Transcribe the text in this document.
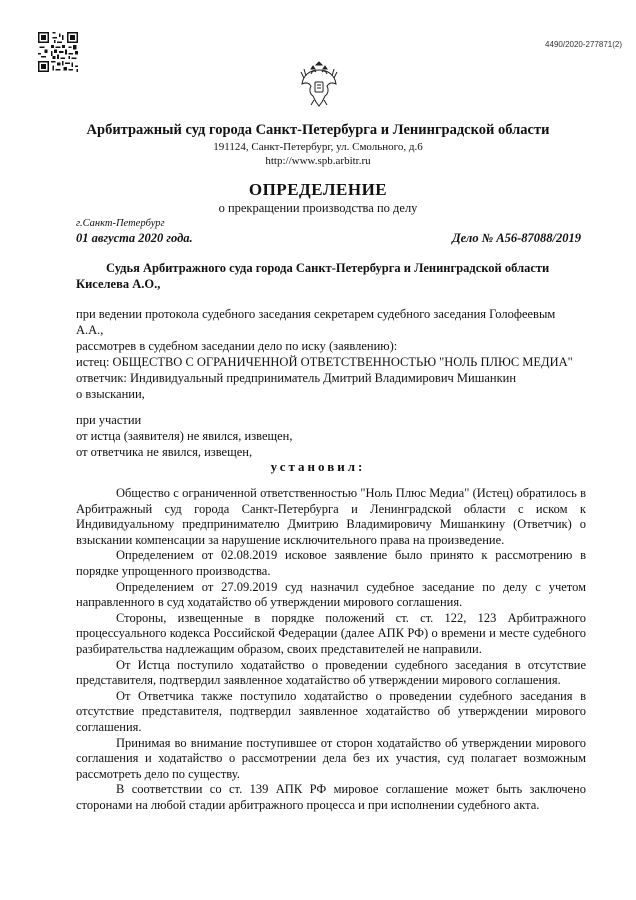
4490/2020-277871(2)
Арбитражный суд города Санкт-Петербурга и Ленинградской области
191124, Санкт-Петербург, ул. Смольного, д.6
http://www.spb.arbitr.ru
ОПРЕДЕЛЕНИЕ
о прекращении производства по делу
г.Санкт-Петербург
01 августа 2020 года.	Дело № А56-87088/2019
Судья Арбитражного суда города Санкт-Петербурга и Ленинградской области
Киселева А.О.,
при ведении протокола судебного заседания секретарем судебного заседания Голофеевым
А.А.,
рассмотрев в судебном заседании дело по иску (заявлению):
истец: ОБЩЕСТВО С ОГРАНИЧЕННОЙ ОТВЕТСТВЕННОСТЬЮ "НОЛЬ ПЛЮС МЕДИА"
ответчик: Индивидуальный предприниматель Дмитрий Владимирович Мишанкин
о взыскании,
при участии
от истца (заявителя) не явился, извещен,
от ответчика не явился, извещен,
установил:

Общество с ограниченной ответственностью "Ноль Плюс Медиа" (Истец) обратилось в Арбитражный суд города Санкт-Петербурга и Ленинградской области с иском к Индивидуальному предпринимателю Дмитрию Владимировичу Мишанкину (Ответчик) о взыскании компенсации за нарушение исключительного права на произведение.

Определением от 02.08.2019 исковое заявление было принято к рассмотрению в порядке упрощенного производства.

Определением от 27.09.2019 суд назначил судебное заседание по делу с учетом направленного в суд ходатайство об утверждении мирового соглашения.

Стороны, извещенные в порядке положений ст. ст. 122, 123 Арбитражного процессуального кодекса Российской Федерации (далее АПК РФ) о времени и месте судебного разбирательства надлежащим образом, своих представителей не направили.

От Истца поступило ходатайство о проведении судебного заседания в отсутствие представителя, подтвердил заявленное ходатайство об утверждении мирового соглашения.

От Ответчика также поступило ходатайство о проведении судебного заседания в отсутствие представителя, подтвердил заявленное ходатайство об утверждении мирового соглашения.

Принимая во внимание поступившее от сторон ходатайство об утверждении мирового соглашения и ходатайство о рассмотрении дела без их участия, суд полагает возможным рассмотреть дело по существу.

В соответствии со ст. 139 АПК РФ мировое соглашение может быть заключено сторонами на любой стадии арбитражного процесса и при исполнении судебного акта.
